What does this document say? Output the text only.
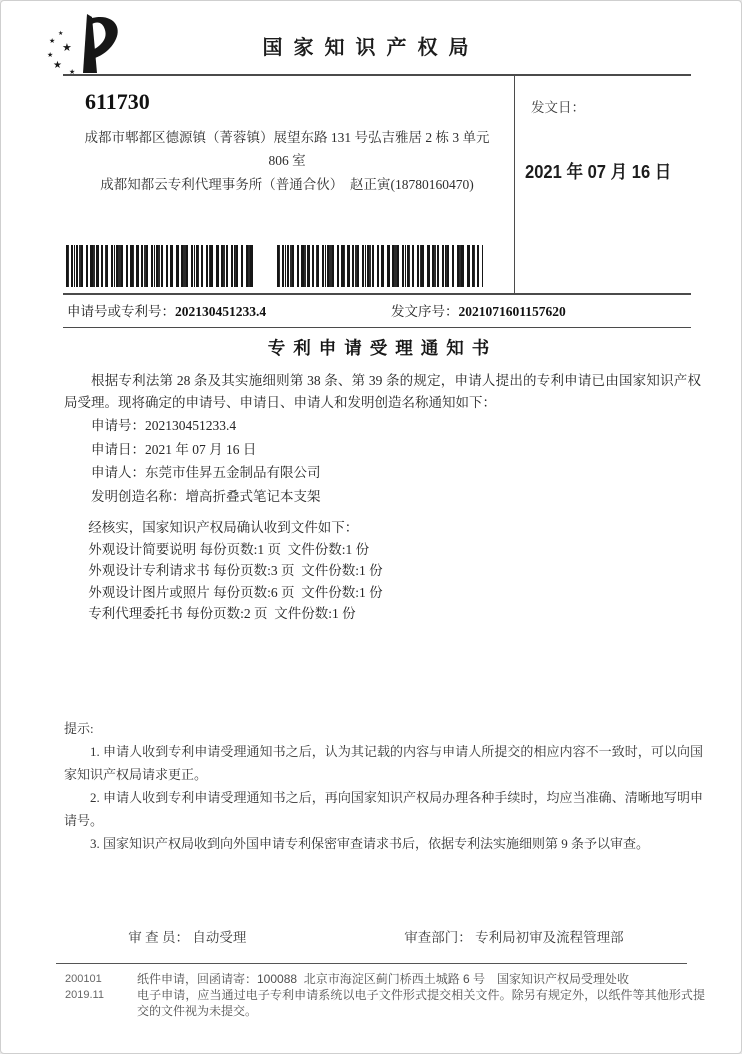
★
★
★
★
★
★
国家知识产权局
611730
成都市郫都区德源镇（菁蓉镇）展望东路 131 号弘吉雅居 2 栋 3 单元
806 室
成都知都云专利代理事务所（普通合伙）　赵正寅(18780160470)
发文日：
2021 年 07 月 16 日
申请号或专利号：202130451233.4	发文序号：2021071601157620
专利申请受理通知书

根据专利法第 28 条及其实施细则第 38 条、第 39 条的规定，申请人提出的专利申请已由国家知识产权局受理。现将确定的申请号、申请日、申请人和发明创造名称通知如下：

申请号：202130451233.4
申请日：2021 年 07 月 16 日
申请人：东莞市佳昇五金制品有限公司
发明创造名称：增高折叠式笔记本支架
经核实，国家知识产权局确认收到文件如下：
外观设计简要说明 每份页数:1 页  文件份数:1 份
外观设计专利请求书 每份页数:3 页  文件份数:1 份
外观设计图片或照片 每份页数:6 页  文件份数:1 份
专利代理委托书 每份页数:2 页  文件份数:1 份
提示:

1. 申请人收到专利申请受理通知书之后，认为其记载的内容与申请人所提交的相应内容不一致时，可以向国家知识产权局请求更正。

2. 申请人收到专利申请受理通知书之后，再向国家知识产权局办理各种手续时，均应当准确、清晰地写明申请号。

3. 国家知识产权局收到向外国申请专利保密审查请求书后，依据专利法实施细则第 9 条予以审查。

审 查 员： 自动受理
	审查部门： 专利局初审及流程管理部

200101
2019.11
纸件申请，回函请寄：100088  北京市海淀区蓟门桥西土城路 6 号　国家知识产权局受理处收
电子申请，应当通过电子专利申请系统以电子文件形式提交相关文件。除另有规定外，以纸件等其他形式提交的文件视为未提交。
